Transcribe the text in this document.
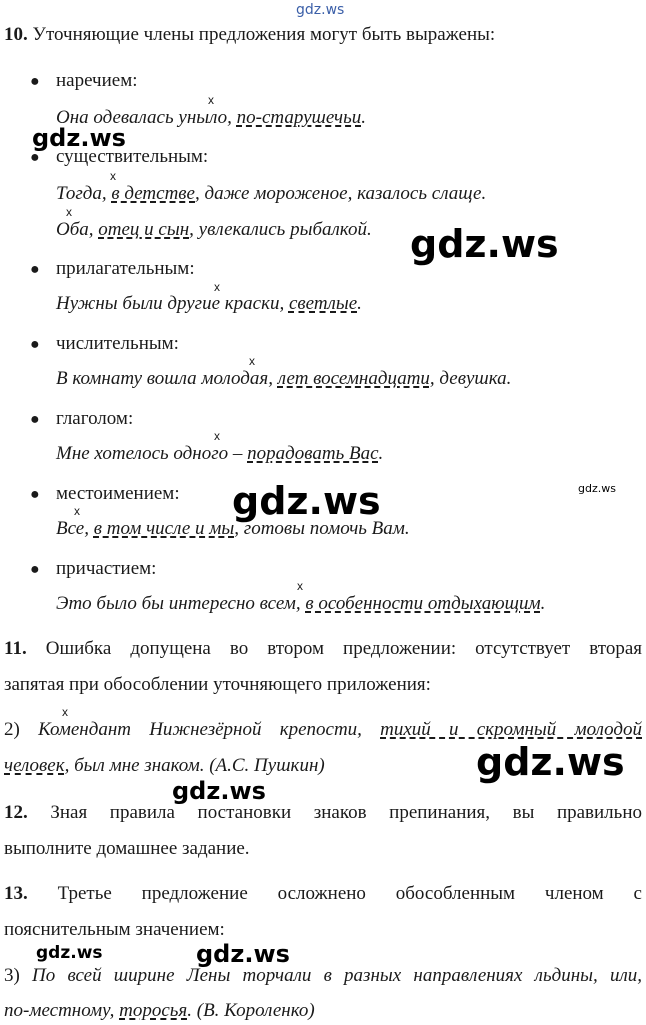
gdz.ws
10. Уточняющие члены предложения могут быть выражены:
● наречием:
x
Она одевалась уныло, по-старушечьи.
● существительным:
x
Тогда, в детстве, даже мороженое, казалось слаще.
x
Оба, отец и сын, увлекались рыбалкой.
● прилагательным:
x
Нужны были другие краски, светлые.
● числительным:
x
В комнату вошла молодая, лет восемнадцати, девушка.
● глаголом:
x
Мне хотелось одного – порадовать Вас.
● местоимением:
x
Все, в том числе и мы, готовы помочь Вам.
● причастием:
x
Это было бы интересно всем, в особенности отдыхающим.
11. Ошибка допущена во втором предложении: отсутствует вторая
запятая при обособлении уточняющего приложения:
x
2) Комендант Нижнезёрной крепости, тихий и скромный молодой
человек, был мне знаком. (А.С. Пушкин)
12. Зная правила постановки знаков препинания, вы правильно
выполните домашнее задание.
13. Третье предложение осложнено обособленным членом с
пояснительным значением:
3) По всей ширине Лены торчали в разных направлениях льдины, или,
по-местному, торосья. (В. Короленко)
gdz.ws
gdz.ws
gdz.ws	gdz.ws
gdz.ws
gdz.ws
gdz.ws	gdz.ws
